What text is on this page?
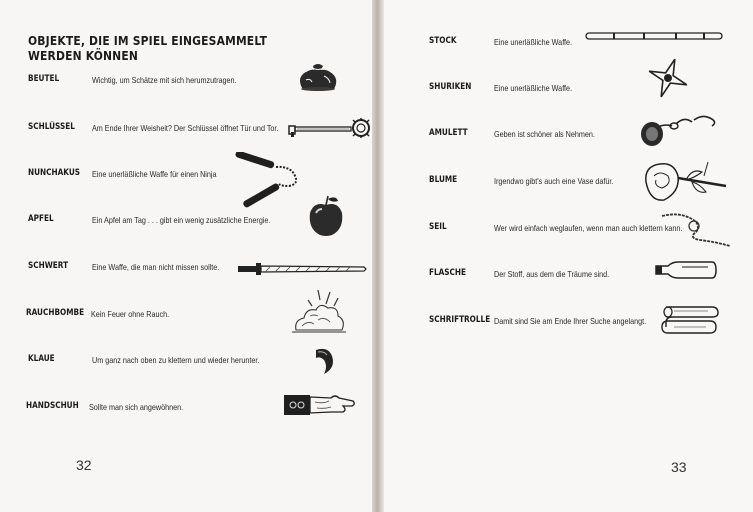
OBJEKTE, DIE IM SPIEL EINGESAMMELT WERDEN KÖNNEN
BEUTEL	Wichtig, um Schätze mit sich herumzutragen.
SCHLÜSSEL Am Ende Ihrer Weisheit? Der Schlüssel öffnet Tür und Tor.
NUNCHAKUS Eine unerläßliche Waffe für einen Ninja
APFEL	Ein Apfel am Tag . . . gibt ein wenig zusätzliche Energie.
SCHWERT	Eine Waffe, die man nicht missen sollte.
RAUCHBOMBE Kein Feuer ohne Rauch.
KLAUE	Um ganz nach oben zu klettern und wieder herunter.
HANDSCHUH Sollte man sich angewöhnen.
32
STOCK	Eine unerläßliche Waffe.
SHURIKEN	Eine unerläßliche Waffe.
AMULETT	Geben ist schöner als Nehmen.
BLUME	Irgendwo gibt's auch eine Vase dafür.
SEIL	Wer wird einfach weglaufen, wenn man auch klettern kann.
FLASCHE	Der Stoff, aus dem die Träume sind.
SCHRIFTROLLE Damit sind Sie am Ende Ihrer Suche angelangt.
33
